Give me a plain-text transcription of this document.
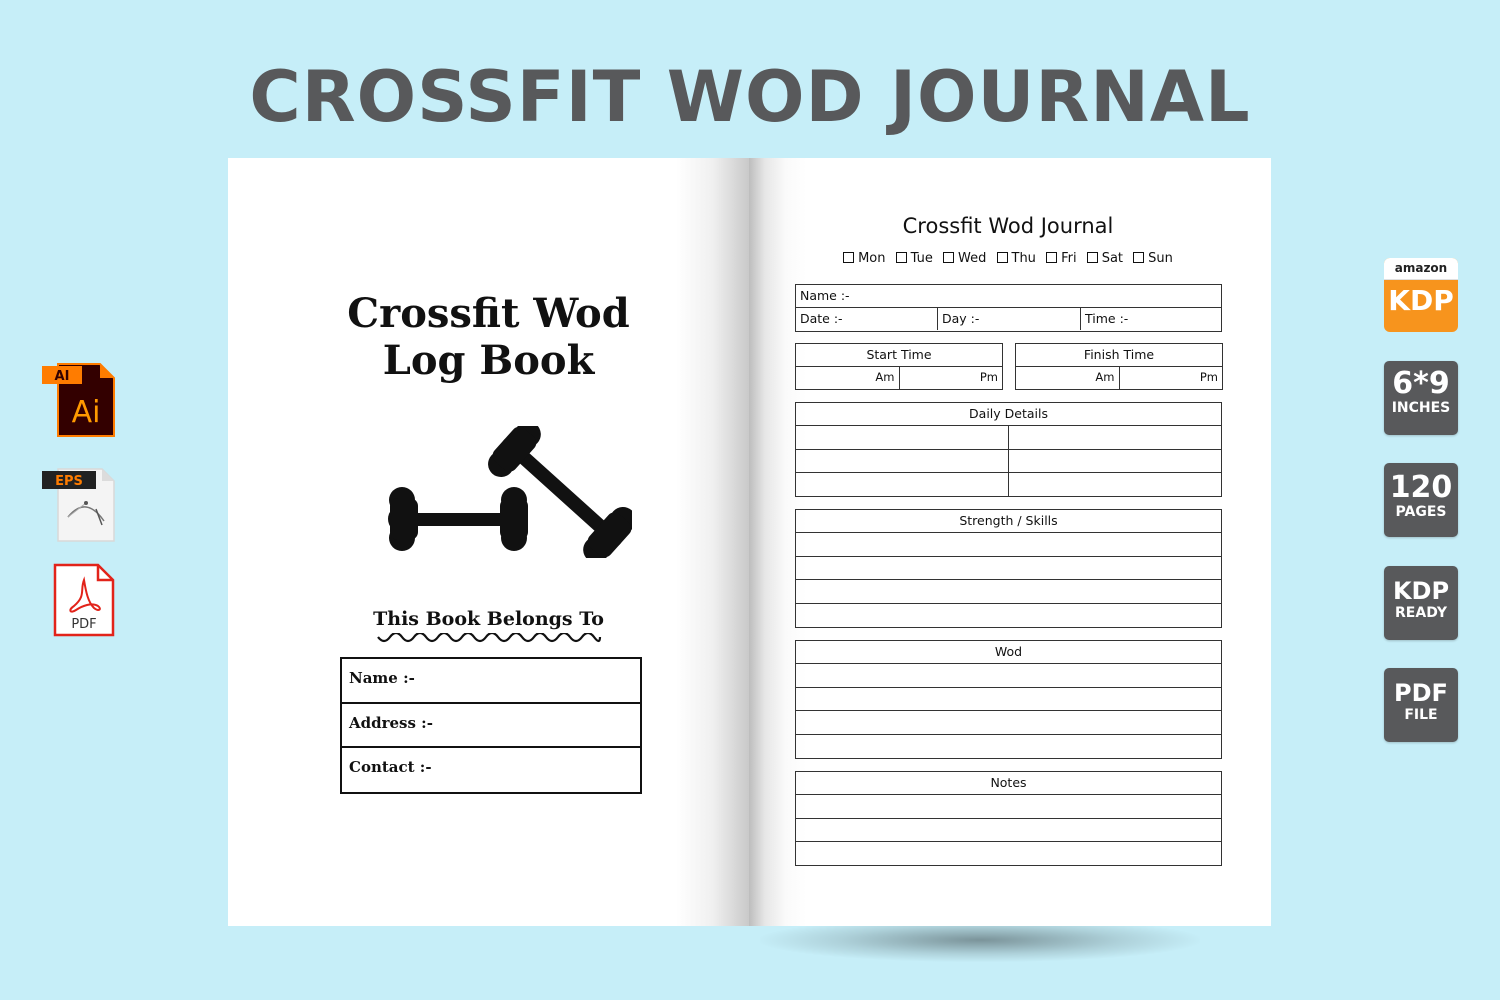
CROSSFIT WOD JOURNAL
Crossfit Wod
Log Book
This Book Belongs To
Name :-
Address :-
Contact :-
Crossfit Wod Journal
Mon Tue Wed Thu Fri Sat Sun
Name :-
Date :-	Day :-	Time :-
Start Time
Am	Pm
Finish Time
Am	Pm
Daily Details
Strength / Skills
Wod
Notes
AI
Ai
EPS
PDF
amazon
KDP
6*9
INCHES
120
PAGES
KDP
READY
PDF
FILE
